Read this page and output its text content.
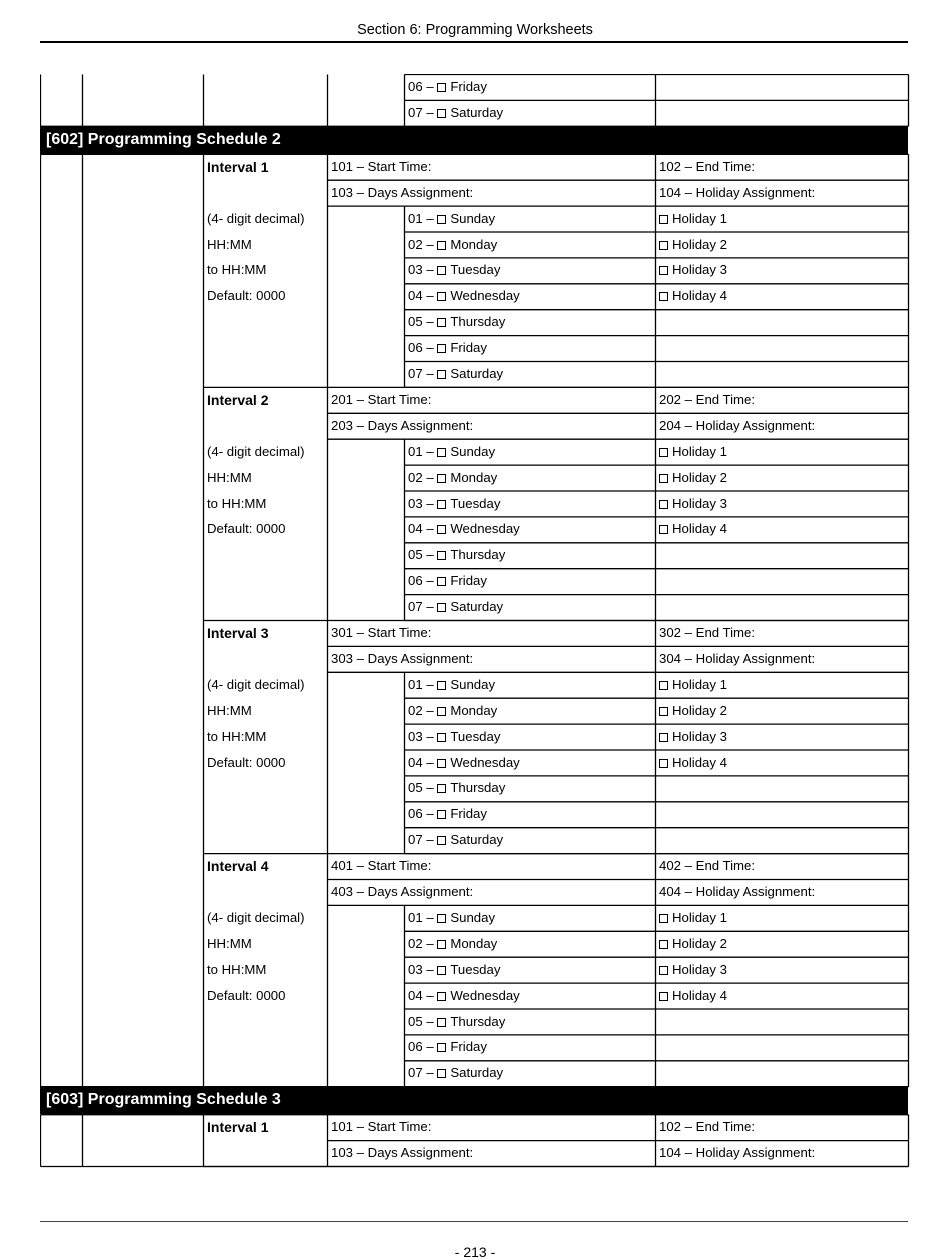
Section 6: Programming Worksheets
06 – Friday
07 – Saturday
[602] Programming Schedule 2
Interval 1	101 – Start Time:	102 – End Time:
103 – Days Assignment:	104 – Holiday Assignment:
(4- digit decimal)
HH:MM
to HH:MM
Default: 0000
01 – Sunday	Holiday 1
02 – Monday	Holiday 2
03 – Tuesday	Holiday 3
04 – Wednesday	Holiday 4
05 – Thursday
06 – Friday
07 – Saturday
Interval 2	201 – Start Time:	202 – End Time:
203 – Days Assignment:	204 – Holiday Assignment:
(4- digit decimal)
HH:MM
to HH:MM
Default: 0000
01 – Sunday	Holiday 1
02 – Monday	Holiday 2
03 – Tuesday	Holiday 3
04 – Wednesday	Holiday 4
05 – Thursday
06 – Friday
07 – Saturday
Interval 3	301 – Start Time:	302 – End Time:
303 – Days Assignment:	304 – Holiday Assignment:
(4- digit decimal)
HH:MM
to HH:MM
Default: 0000
01 – Sunday	Holiday 1
02 – Monday	Holiday 2
03 – Tuesday	Holiday 3
04 – Wednesday	Holiday 4
05 – Thursday
06 – Friday
07 – Saturday
Interval 4	401 – Start Time:	402 – End Time:
403 – Days Assignment:	404 – Holiday Assignment:
(4- digit decimal)
HH:MM
to HH:MM
Default: 0000
01 – Sunday	Holiday 1
02 – Monday	Holiday 2
03 – Tuesday	Holiday 3
04 – Wednesday	Holiday 4
05 – Thursday
06 – Friday
07 – Saturday
[603] Programming Schedule 3
Interval 1	101 – Start Time:	102 – End Time:
103 – Days Assignment:	104 – Holiday Assignment:
- 213 -
